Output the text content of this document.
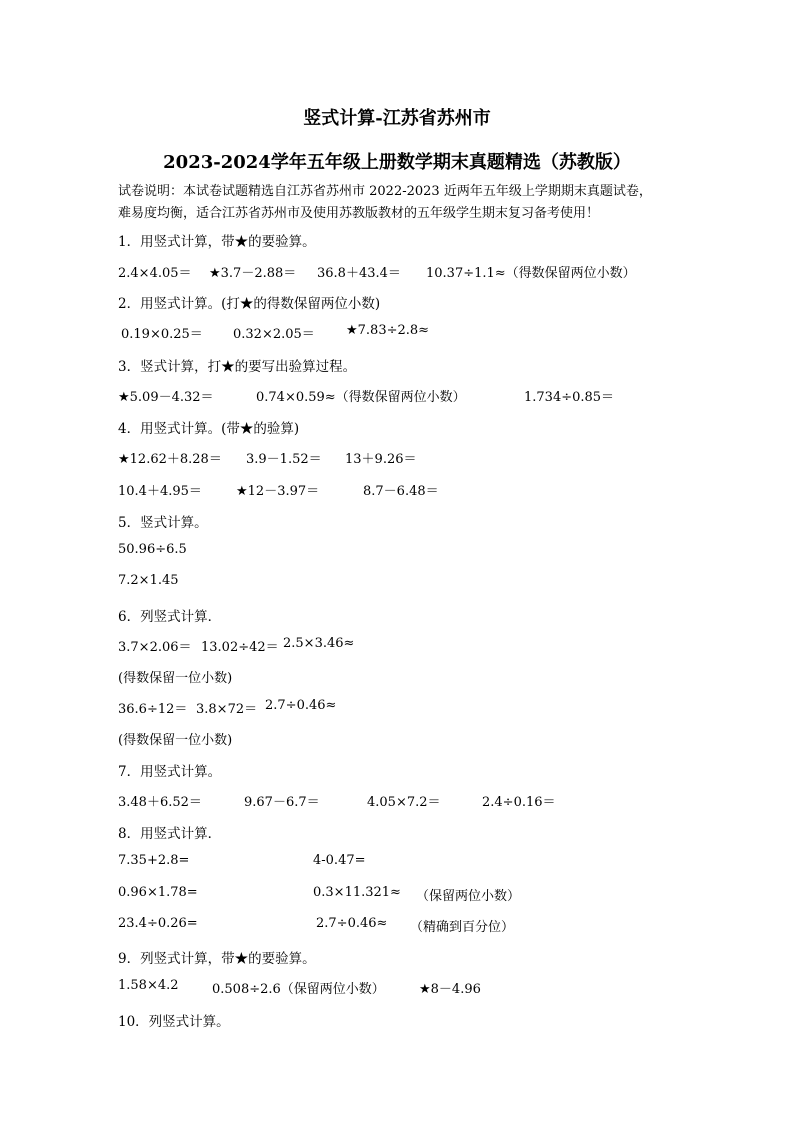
竖式计算-江苏省苏州市
2023-2024学年五年级上册数学期末真题精选（苏教版）
试卷说明：本试卷试题精选自江苏省苏州市 2022-2023 近两年五年级上学期期末真题试卷，
难易度均衡，适合江苏省苏州市及使用苏教版教材的五年级学生期末复习备考使用！
1．用竖式计算，带★的要验算。
2.4×4.05＝ ★3.7－2.88＝ 36.8＋43.4＝ 10.37÷1.1≈（得数保留两位小数）
2．用竖式计算。(打★的得数保留两位小数)
0.19×0.25＝ 0.32×2.05＝ ★7.83÷2.8≈
3．竖式计算，打★的要写出验算过程。
★5.09－4.32＝	0.74×0.59≈（得数保留两位小数）	1.734÷0.85＝
4．用竖式计算。(带★的验算)
★12.62＋8.28＝ 3.9－1.52＝ 13＋9.26＝
10.4＋4.95＝	★12－3.97＝	8.7－6.48＝
5．竖式计算。
50.96÷6.5
7.2×1.45
6．列竖式计算．
3.7×2.06＝ 13.02÷42＝ 2.5×3.46≈
(得数保留一位小数)
36.6÷12＝ 3.8×72＝ 2.7÷0.46≈
(得数保留一位小数)
7．用竖式计算。
3.48＋6.52＝	9.67－6.7＝	4.05×7.2＝	2.4÷0.16＝
8．用竖式计算．
7.35+2.8=	4-0.47=
0.96×1.78=	0.3×11.321≈ （保留两位小数）
23.4÷0.26=	2.7÷0.46≈ （精确到百分位）
9．列竖式计算，带★的要验算。
1.58×4.2	0.508÷2.6（保留两位小数）	★8－4.96
10．列竖式计算。
